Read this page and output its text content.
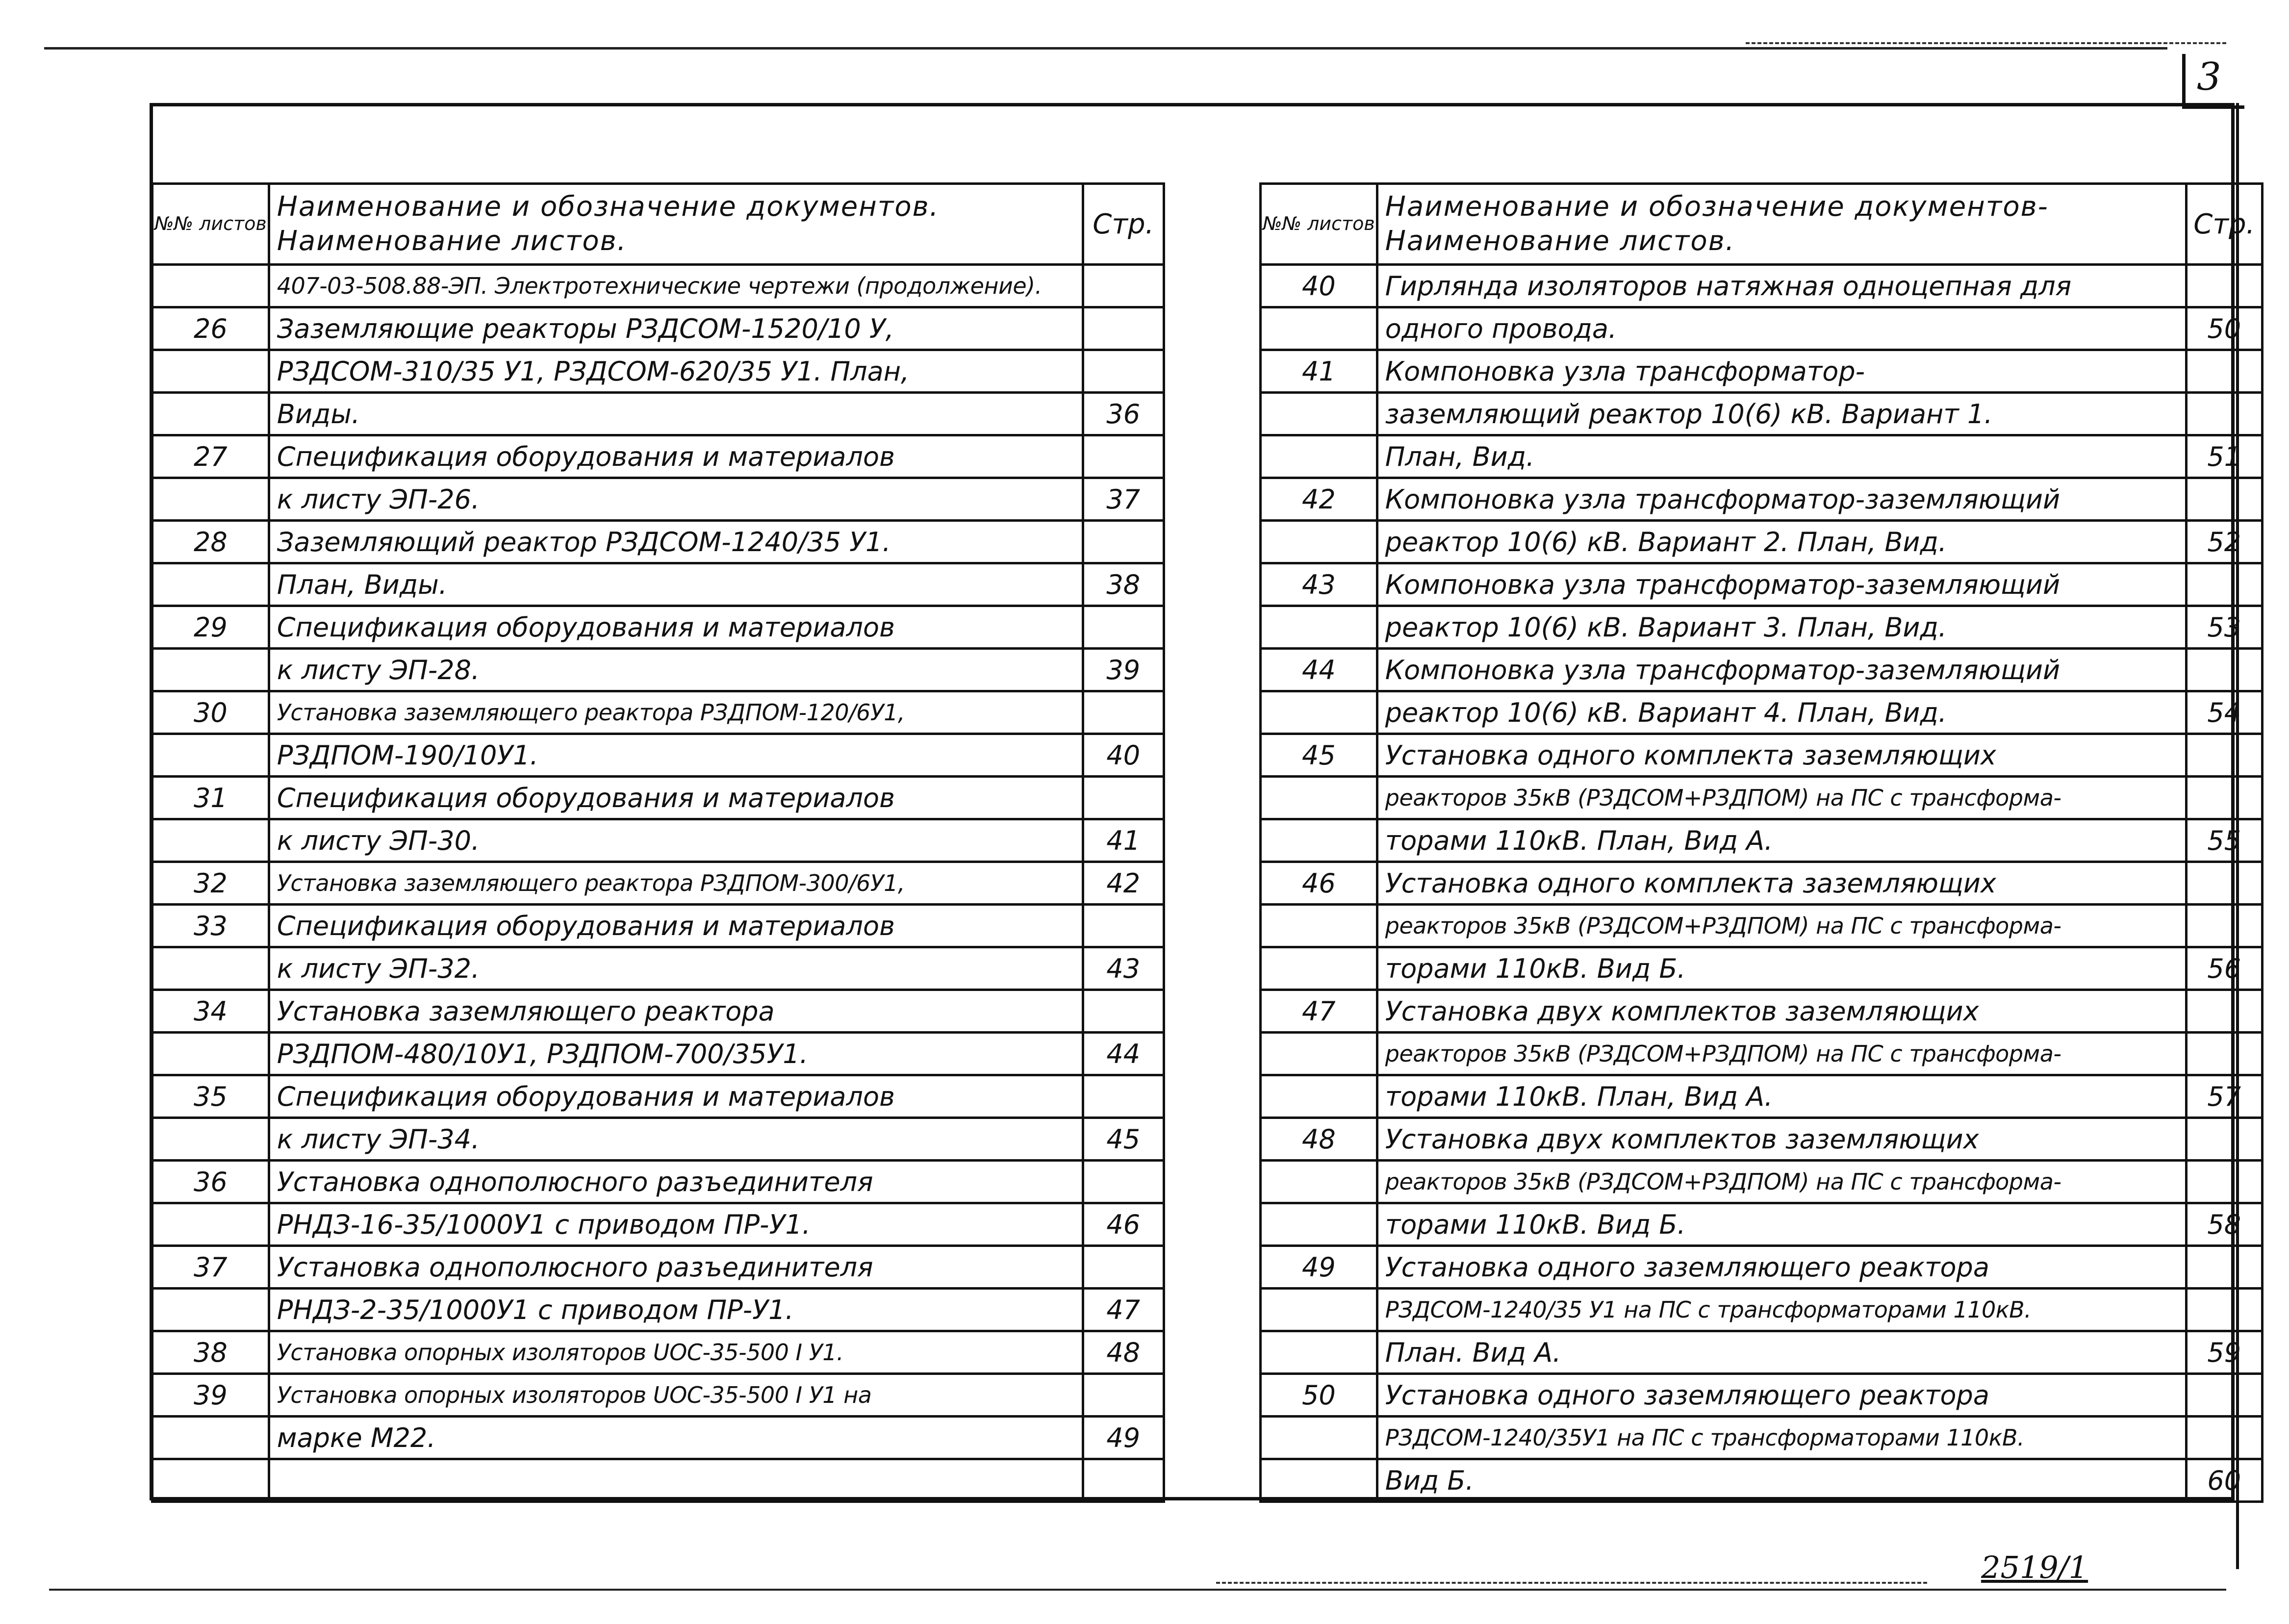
3
№№ листов	Наименование и обозначение документов.
Наименование листов.	Стр.
	407-03-508.88-ЭП. Электротехнические чертежи (продолжение).	
26	Заземляющие реакторы РЗДСОМ-1520/10 У,	
	РЗДСОМ-310/35 У1, РЗДСОМ-620/35 У1. План,	
	Виды.	36
27	Спецификация оборудования и материалов	
	к листу ЭП-26.	37
28	Заземляющий реактор РЗДСОМ-1240/35 У1.	
	План, Виды.	38
29	Спецификация оборудования и материалов	
	к листу ЭП-28.	39
30	Установка заземляющего реактора РЗДПОМ-120/6У1,	
	РЗДПОМ-190/10У1.	40
31	Спецификация оборудования и материалов	
	к листу ЭП-30.	41
32	Установка заземляющего реактора РЗДПОМ-300/6У1,	42
33	Спецификация оборудования и материалов	
	к листу ЭП-32.	43
34	Установка заземляющего реактора	
	РЗДПОМ-480/10У1, РЗДПОМ-700/35У1.	44
35	Спецификация оборудования и материалов	
	к листу ЭП-34.	45
36	Установка однополюсного разъединителя	
	РНДЗ-16-35/1000У1 с приводом ПР-У1.	46
37	Установка однополюсного разъединителя	
	РНДЗ-2-35/1000У1 с приводом ПР-У1.	47
38	Установка опорных изоляторов UОС-35-500 I У1.	48
39	Установка опорных изоляторов UОС-35-500 I У1 на	
	марке М22.	49

№№ листов	Наименование и обозначение документов-
Наименование листов.	Стр.
40	Гирлянда изоляторов натяжная одноцепная для	
	одного провода.	50
41	Компоновка узла трансформатор-	
	заземляющий реактор 10(6) кВ. Вариант 1.	
	План, Вид.	51
42	Компоновка узла трансформатор-заземляющий	
	реактор 10(6) кВ. Вариант 2. План, Вид.	52
43	Компоновка узла трансформатор-заземляющий	
	реактор 10(6) кВ. Вариант 3. План, Вид.	53
44	Компоновка узла трансформатор-заземляющий	
	реактор 10(6) кВ. Вариант 4. План, Вид.	54
45	Установка одного комплекта заземляющих	
	реакторов 35кВ (РЗДСОМ+РЗДПОМ) на ПС с трансформа-	
	торами 110кВ. План, Вид А.	55
46	Установка одного комплекта заземляющих	
	реакторов 35кВ (РЗДСОМ+РЗДПОМ) на ПС с трансформа-	
	торами 110кВ. Вид Б.	56
47	Установка двух комплектов заземляющих	
	реакторов 35кВ (РЗДСОМ+РЗДПОМ) на ПС с трансформа-	
	торами 110кВ. План, Вид А.	57
48	Установка двух комплектов заземляющих	
	реакторов 35кВ (РЗДСОМ+РЗДПОМ) на ПС с трансформа-	
	торами 110кВ. Вид Б.	58
49	Установка одного заземляющего реактора	
	РЗДСОМ-1240/35 У1 на ПС с трансформаторами 110кВ.	
	План. Вид А.	59
50	Установка одного заземляющего реактора	
	РЗДСОМ-1240/35У1 на ПС с трансформаторами 110кВ.	
	Вид Б.	60
2519/1
